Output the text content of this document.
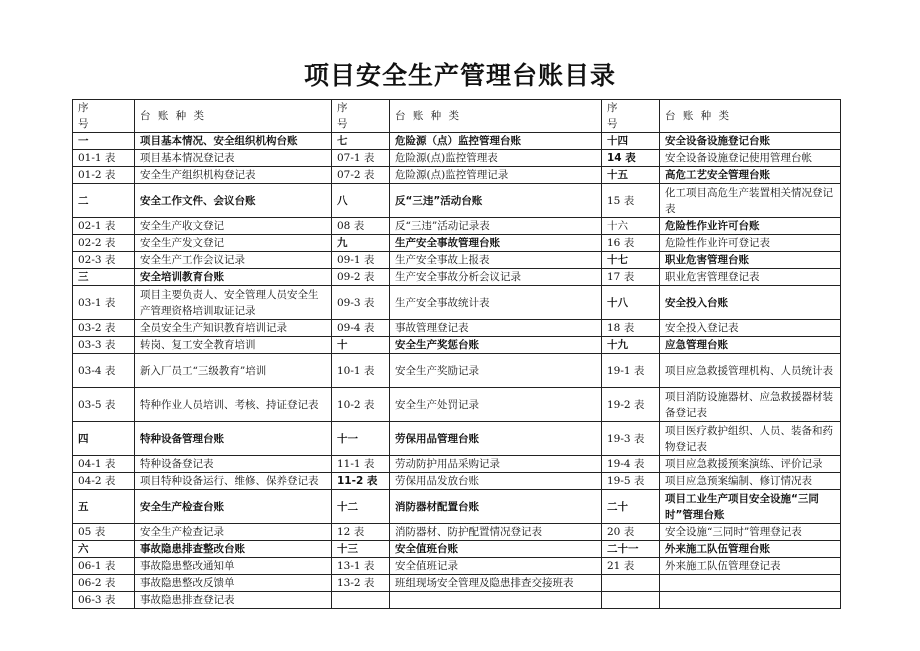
项目安全生产管理台账目录
序 号	台 账 种 类	序 号	台 账 种 类	序 号	台 账 种 类
一	项目基本情况、安全组织机构台账	七	危险源（点）监控管理台账	十四	安全设备设施登记台账
01-1 表	项目基本情况登记表	07-1 表	危险源(点)监控管理表	14 表	安全设备设施登记使用管理台帐
01-2 表	安全生产组织机构登记表	07-2 表	危险源(点)监控管理记录	十五	高危工艺安全管理台账
二	安全工作文件、会议台账	八	反“三违”活动台账	15 表	化工项目高危生产装置相关情况登记表
02-1 表	安全生产收文登记	08 表	反“三违”活动记录表	十六	危险性作业许可台账
02-2 表	安全生产发文登记	九	生产安全事故管理台账	16 表	危险性作业许可登记表
02-3 表	安全生产工作会议记录	09-1 表	生产安全事故上报表	十七	职业危害管理台账
三	安全培训教育台账	09-2 表	生产安全事故分析会议记录	17 表	职业危害管理登记表
03-1 表	项目主要负责人、安全管理人员安全生产管理资格培训取证记录	09-3 表	生产安全事故统计表	十八	安全投入台账
03-2 表	全员安全生产知识教育培训记录	09-4 表	事故管理登记表	18 表	安全投入登记表
03-3 表	转岗、复工安全教育培训	十	安全生产奖惩台账	十九	应急管理台账
03-4 表	新入厂员工“三级教育”培训	10-1 表	安全生产奖励记录	19-1 表	项目应急救援管理机构、人员统计表
03-5 表	特种作业人员培训、考核、持证登记表	10-2 表	安全生产处罚记录	19-2 表	项目消防设施器材、应急救援器材装备登记表
四	特种设备管理台账	十一	劳保用品管理台账	19-3 表	项目医疗救护组织、人员、装备和药物登记表
04-1 表	特种设备登记表	11-1 表	劳动防护用品采购记录	19-4 表	项目应急救援预案演练、评价记录
04-2 表	项目特种设备运行、维修、保养登记表	11-2 表	劳保用品发放台账	19-5 表	项目应急预案编制、修订情况表
五	安全生产检查台账	十二	消防器材配置台账	二十	项目工业生产项目安全设施“三同时”管理台账
05 表	安全生产检查记录	12 表	消防器材、防护配置情况登记表	20 表	安全设施“三同时”管理登记表
六	事故隐患排查整改台账	十三	安全值班台账	二十一	外来施工队伍管理台账
06-1 表	事故隐患整改通知单	13-1 表	安全值班记录	21 表	外来施工队伍管理登记表
06-2 表	事故隐患整改反馈单	13-2 表	班组现场安全管理及隐患排查交接班表		
06-3 表	事故隐患排查登记表				
